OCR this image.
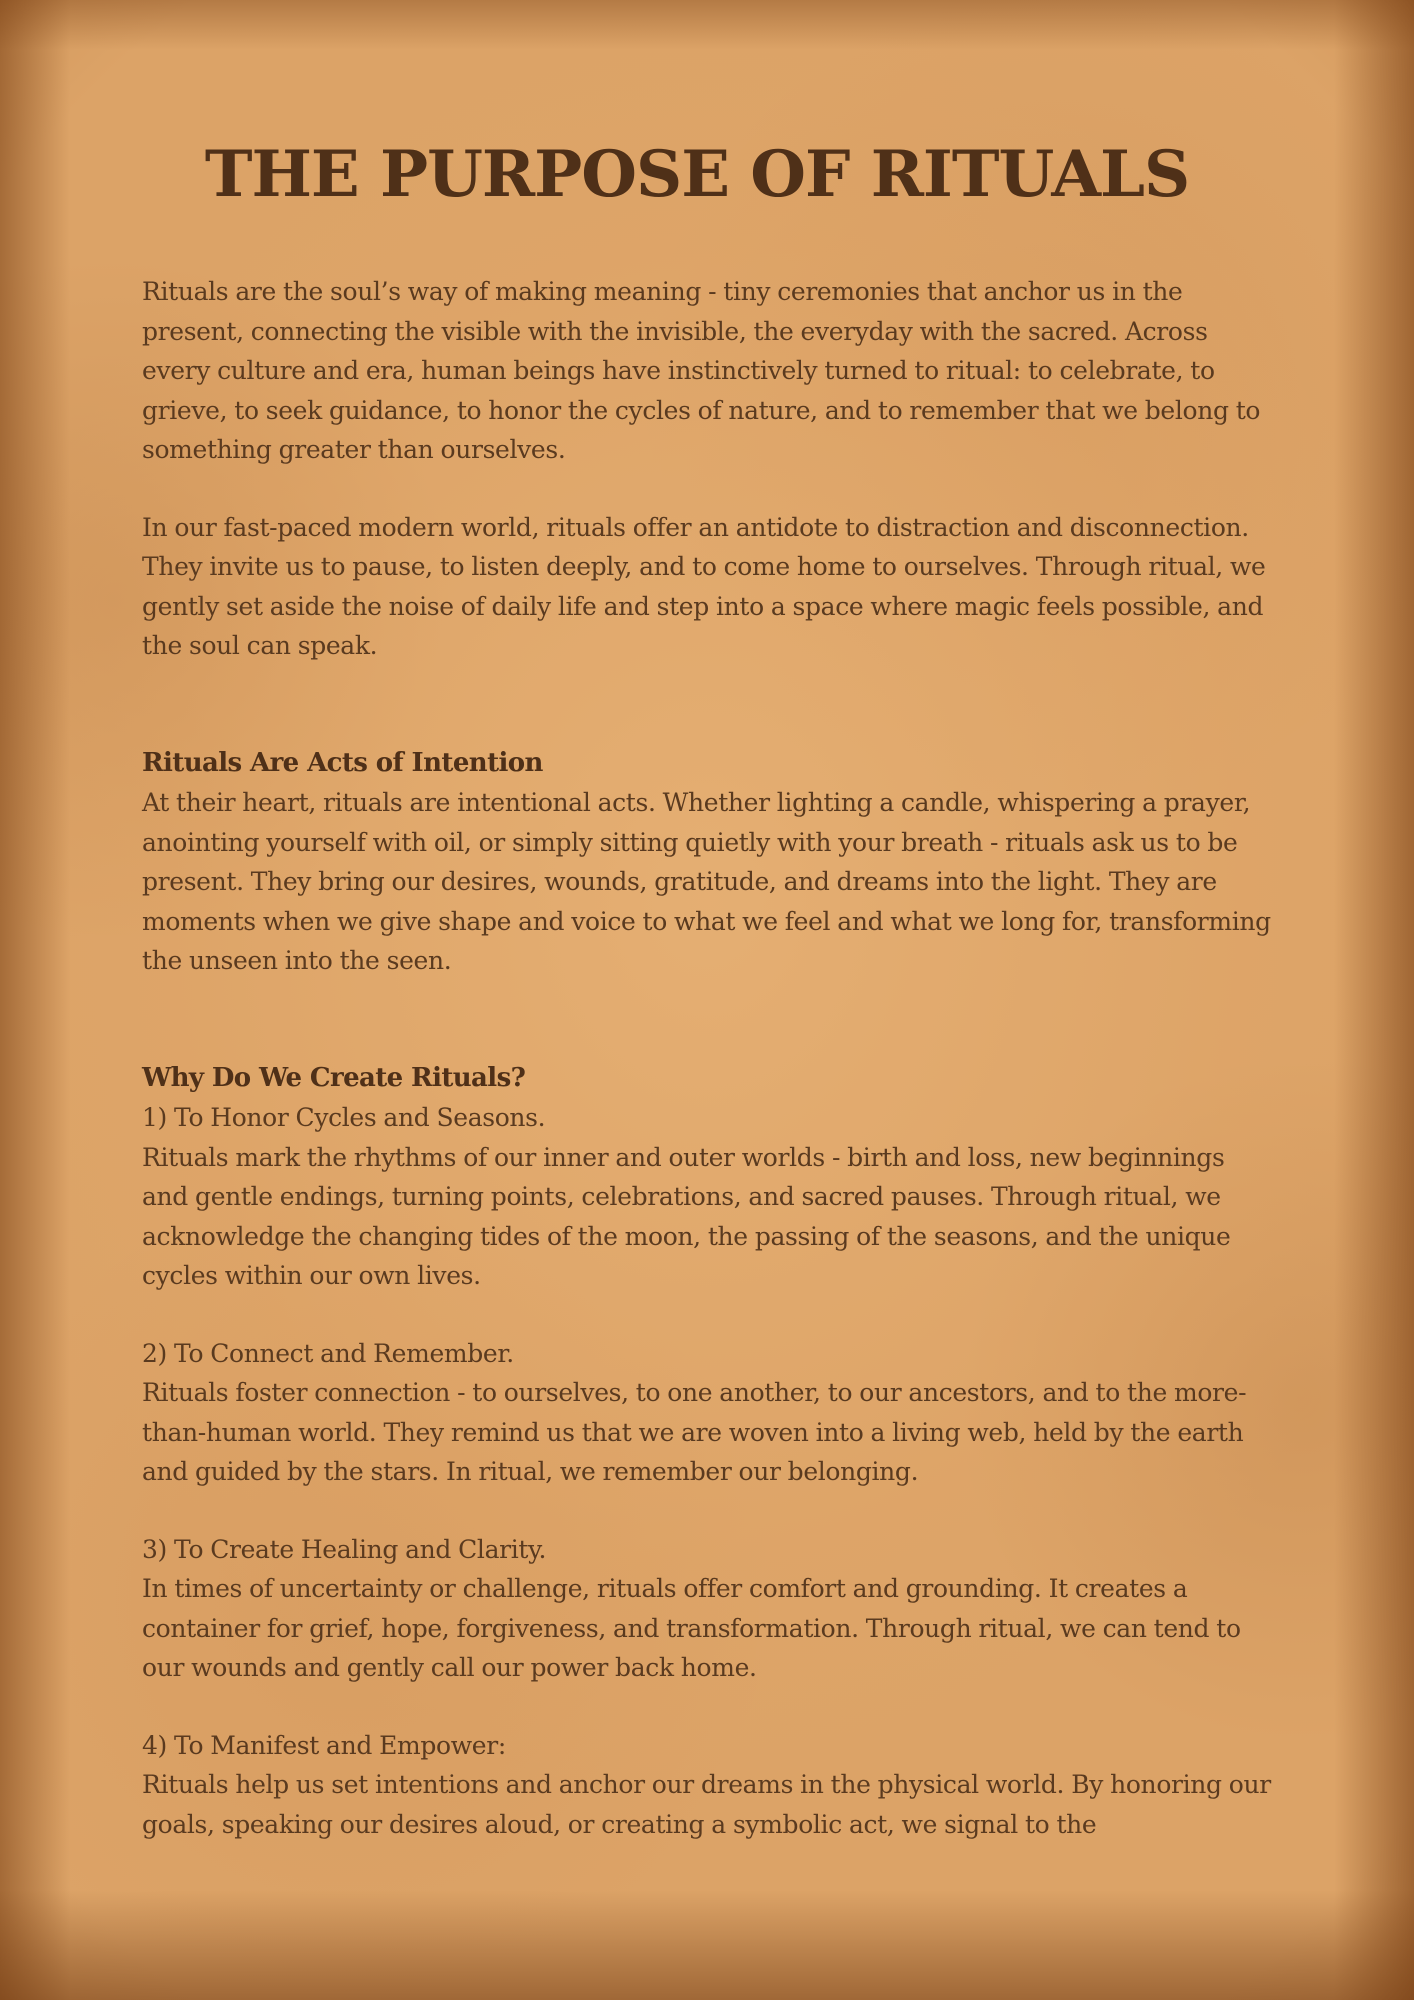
THE PURPOSE OF RITUALS

Rituals are the soul’s way of making meaning - tiny ceremonies that anchor us in the present, connecting the visible with the invisible, the everyday with the sacred. Across every culture and era, human beings have instinctively turned to ritual: to celebrate, to grieve, to seek guidance, to honor the cycles of nature, and to remember that we belong to something greater than ourselves.

In our fast-paced modern world, rituals offer an antidote to distraction and disconnection. They invite us to pause, to listen deeply, and to come home to ourselves. Through ritual, we gently set aside the noise of daily life and step into a space where magic feels possible, and the soul can speak.

Rituals Are Acts of Intention

At their heart, rituals are intentional acts. Whether lighting a candle, whispering a prayer, anointing yourself with oil, or simply sitting quietly with your breath - rituals ask us to be present. They bring our desires, wounds, gratitude, and dreams into the light. They are moments when we give shape and voice to what we feel and what we long for, transforming the unseen into the seen.

Why Do We Create Rituals?

1) To Honor Cycles and Seasons.

Rituals mark the rhythms of our inner and outer worlds - birth and loss, new beginnings and gentle endings, turning points, celebrations, and sacred pauses. Through ritual, we acknowledge the changing tides of the moon, the passing of the seasons, and the unique cycles within our own lives.

2) To Connect and Remember.

Rituals foster connection - to ourselves, to one another, to our ancestors, and to the more-than-human world. They remind us that we are woven into a living web, held by the earth and guided by the stars. In ritual, we remember our belonging.

3) To Create Healing and Clarity.

In times of uncertainty or challenge, rituals offer comfort and grounding. It creates a container for grief, hope, forgiveness, and transformation. Through ritual, we can tend to our wounds and gently call our power back home.

4) To Manifest and Empower:

Rituals help us set intentions and anchor our dreams in the physical world. By honoring our goals, speaking our desires aloud, or creating a symbolic act, we signal to the
